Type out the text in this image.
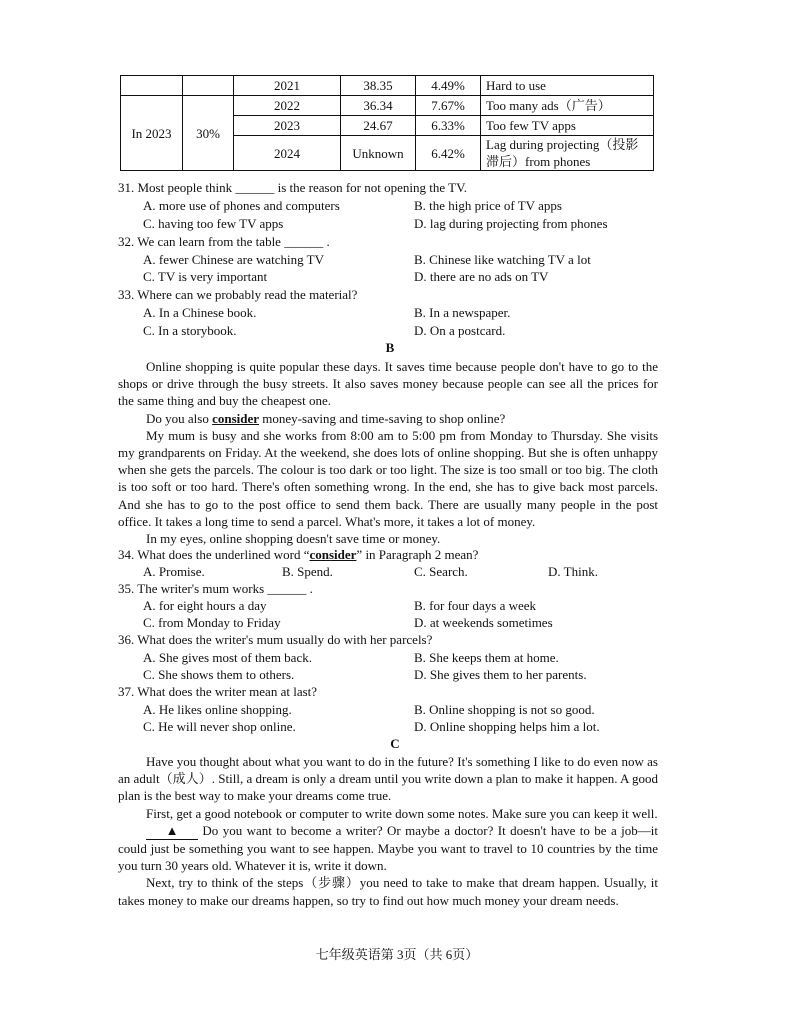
		2021	38.35	4.49%	Hard to use
In 2023	30%	2022	36.34	7.67%	Too many ads（广告）
		2023	24.67	6.33%	Too few TV apps
		2024	Unknown	6.42%	Lag during projecting（投影滞后）from phones
31. Most people think ______ is the reason for not opening the TV.
A. more use of phones and computers	B. the high price of TV apps
C. having too few TV apps	D. lag during projecting from phones
32. We can learn from the table ______ .
A. fewer Chinese are watching TV	B. Chinese like watching TV a lot
C. TV is very important	D. there are no ads on TV
33. Where can we probably read the material?
A. In a Chinese book.	B. In a newspaper.
C. In a storybook.	D. On a postcard.
B

Online shopping is quite popular these days. It saves time because people don't have to go to the shops or drive through the busy streets. It also saves money because people can see all the prices for the same thing and buy the cheapest one.

Do you also consider money-saving and time-saving to shop online?

My mum is busy and she works from 8:00 am to 5:00 pm from Monday to Thursday. She visits my grandparents on Friday. At the weekend, she does lots of online shopping. But she is often unhappy when she gets the parcels. The colour is too dark or too light. The size is too small or too big. The cloth is too soft or too hard. There's often something wrong. In the end, she has to give back most parcels. And she has to go to the post office to send them back. There are usually many people in the post office. It takes a long time to send a parcel. What's more, it takes a lot of money.

In my eyes, online shopping doesn't save time or money.

34. What does the underlined word “consider” in Paragraph 2 mean?
A. Promise.	B. Spend.	C. Search.	D. Think.
35. The writer's mum works ______ .
A. for eight hours a day	B. for four days a week
C. from Monday to Friday	D. at weekends sometimes
36. What does the writer's mum usually do with her parcels?
A. She gives most of them back.	B. She keeps them at home.
C. She shows them to others.	D. She gives them to her parents.
37. What does the writer mean at last?
A. He likes online shopping.	B. Online shopping is not so good.
C. He will never shop online.	D. Online shopping helps him a lot.
C

Have you thought about what you want to do in the future? It's something I like to do even now as an adult（成人）. Still, a dream is only a dream until you write down a plan to make it happen. A good plan is the best way to make your dreams come true.

First, get a good notebook or computer to write down some notes. Make sure you can keep it well.

▲ Do you want to become a writer? Or maybe a doctor? It doesn't have to be a job—it could just be something you want to see happen. Maybe you want to travel to 10 countries by the time you turn 30 years old. Whatever it is, write it down.

Next, try to think of the steps（步骤）you need to take to make that dream happen. Usually, it takes money to make our dreams happen, so try to find out how much money your dream needs.

七年级英语第 3页（共 6页）
